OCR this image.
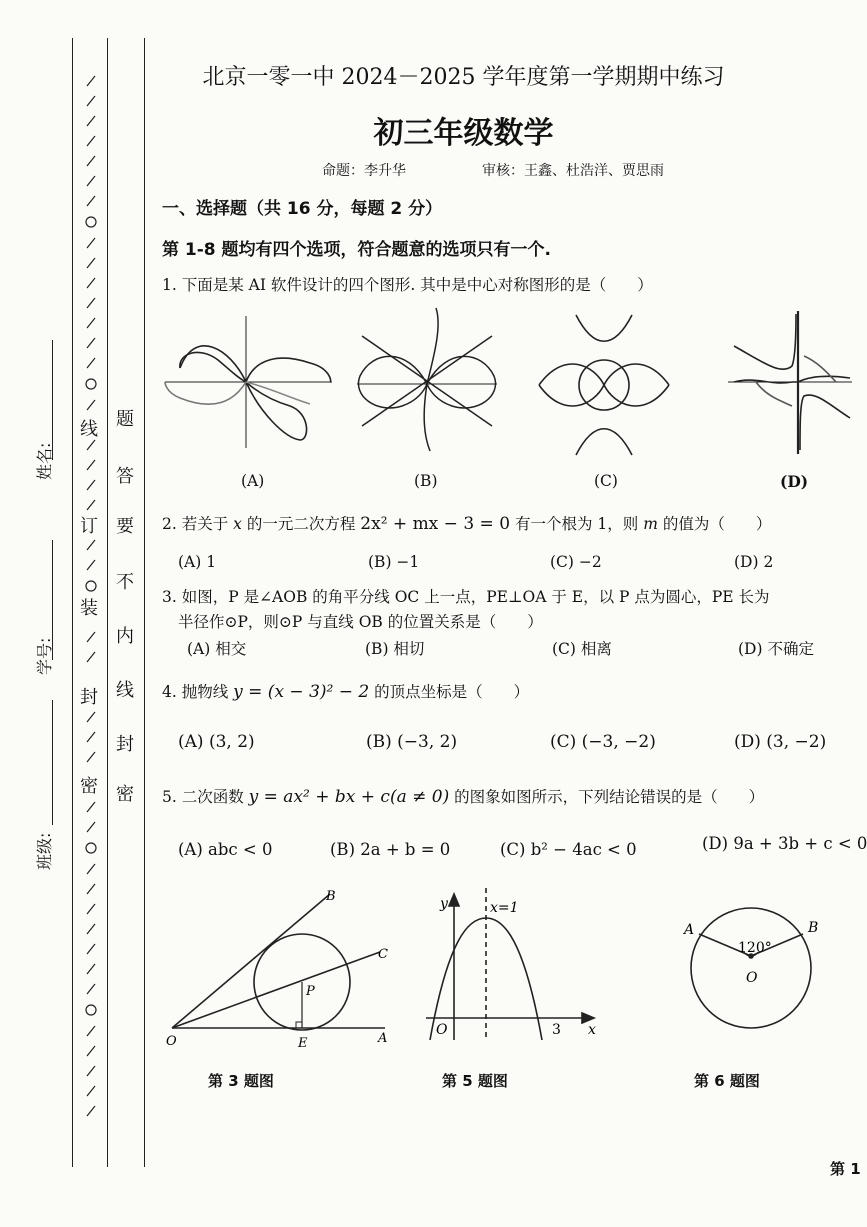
线
订
装
封
密
题
答
要
不
内
线
封
密
姓名:
学号:
班级:
北京一零一中 2024－2025 学年度第一学期期中练习
初三年级数学
命题：李升华	审核：王鑫、杜浩洋、贾思雨
一、选择题（共 16 分，每题 2 分）
第 1-8 题均有四个选项，符合题意的选项只有一个.
1. 下面是某 AI 软件设计的四个图形. 其中是中心对称图形的是（　　）
(A)	(B)	(C)	(D)
2. 若关于 x 的一元二次方程 2x² + mx − 3 = 0 有一个根为 1，则 m 的值为（　　）
(A) 1	(B) −1	(C) −2	(D) 2
3. 如图，P 是∠AOB 的角平分线 OC 上一点，PE⊥OA 于 E，以 P 点为圆心，PE 长为
半径作⊙P，则⊙P 与直线 OB 的位置关系是（　　）
(A) 相交	(B) 相切	(C) 相离	(D) 不确定
4. 抛物线 y = (x − 3)² − 2 的顶点坐标是（　　）
(A) (3, 2)	(B) (−3, 2)	(C) (−3, −2)	(D) (3, −2)
5. 二次函数 y = ax² + bx + c(a ≠ 0) 的图象如图所示，下列结论错误的是（　　）
(A) abc < 0	(B) 2a + b = 0	(C) b² − 4ac < 0	(D) 9a + 3b + c < 0
B
C
P
O	E	A
第 3 题图
y	x=1
O	3 x
第 5 题图
A	B
120°
O
第 6 题图
第 1
